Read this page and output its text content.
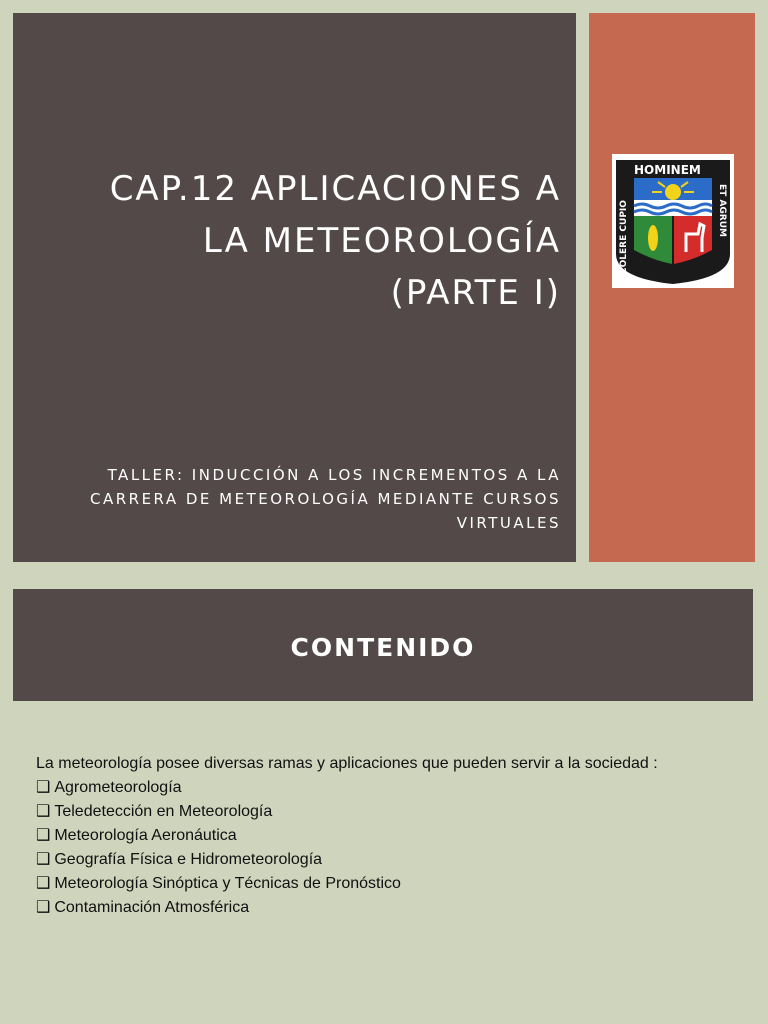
CAP.12 APLICACIONES A
LA METEOROLOGÍA
(PARTE I)
TALLER: INDUCCIÓN A LOS INCREMENTOS A LA CARRERA DE METEOROLOGÍA MEDIANTE CURSOS VIRTUALES
HOMINEM
COLERE CUPIO
ET AGRUM
CONTENIDO
La meteorología posee diversas ramas y aplicaciones que pueden servir a la sociedad :
❑ Agrometeorología
❑ Teledetección en Meteorología
❑ Meteorología Aeronáutica
❑ Geografía Física e Hidrometeorología
❑ Meteorología Sinóptica y Técnicas de Pronóstico
❑ Contaminación Atmosférica
